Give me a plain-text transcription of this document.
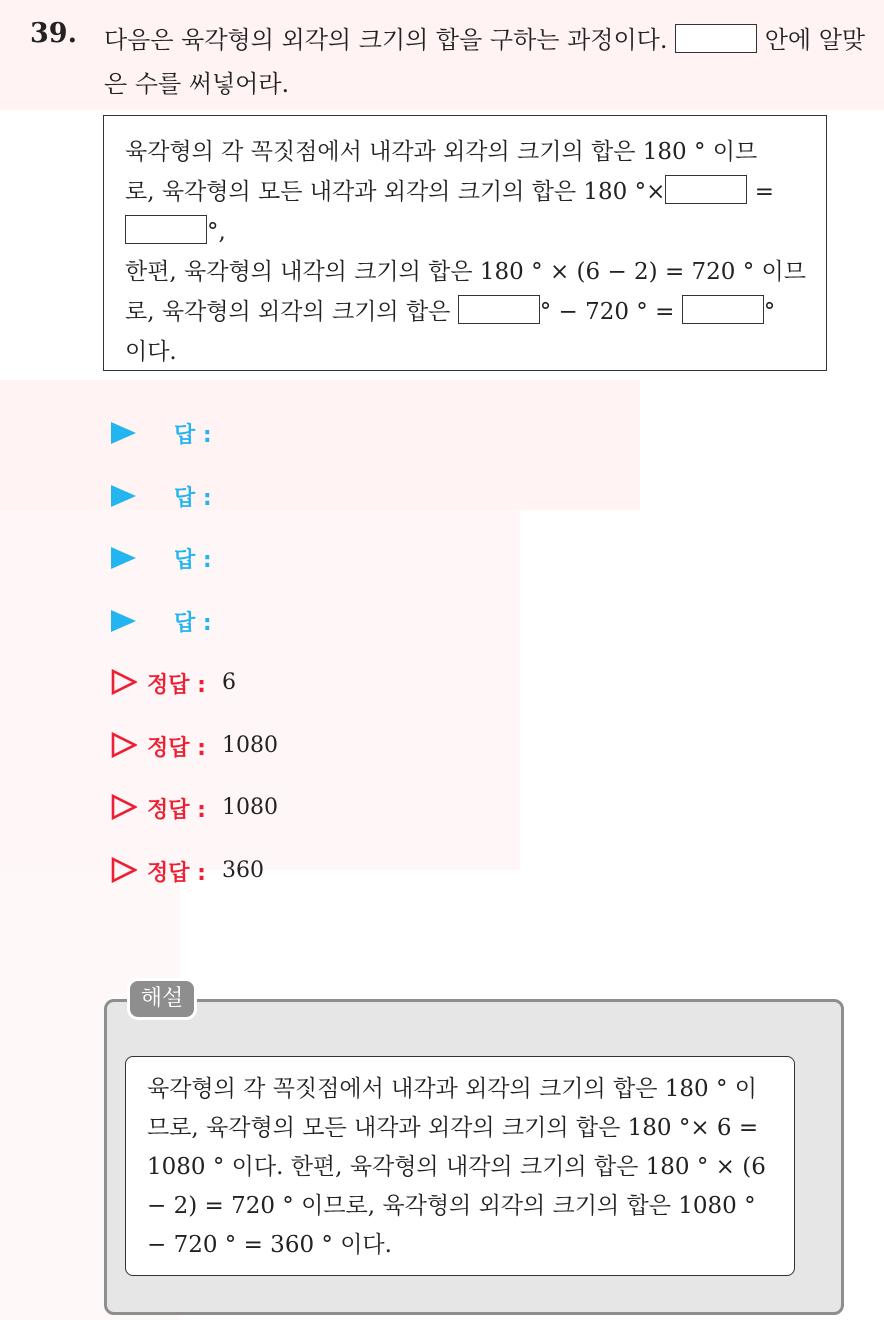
39. 다음은 육각형의 외각의 크기의 합을 구하는 과정이다.	안에 알맞은 수를 써넣어라.
육각형의 각 꼭짓점에서 내각과 외각의 크기의 합은 180 ° 이므
로, 육각형의 모든 내각과 외각의 크기의 합은 180 °×	=
°,
한편, 육각형의 내각의 크기의 합은 180 ° × (6 − 2) = 720 ° 이므
로, 육각형의 외각의 크기의 합은	° − 720 ° =	°
이다.
답 :
답 :
답 :
답 :
정답 : 6
정답 : 1080
정답 : 1080
정답 : 360
해설
육각형의 각 꼭짓점에서 내각과 외각의 크기의 합은 180 ° 이므로, 육각형의 모든 내각과 외각의 크기의 합은 180 °× 6 = 1080 ° 이다. 한편, 육각형의 내각의 크기의 합은 180 ° × (6 − 2) = 720 ° 이므로, 육각형의 외각의 크기의 합은 1080 ° − 720 ° = 360 ° 이다.
